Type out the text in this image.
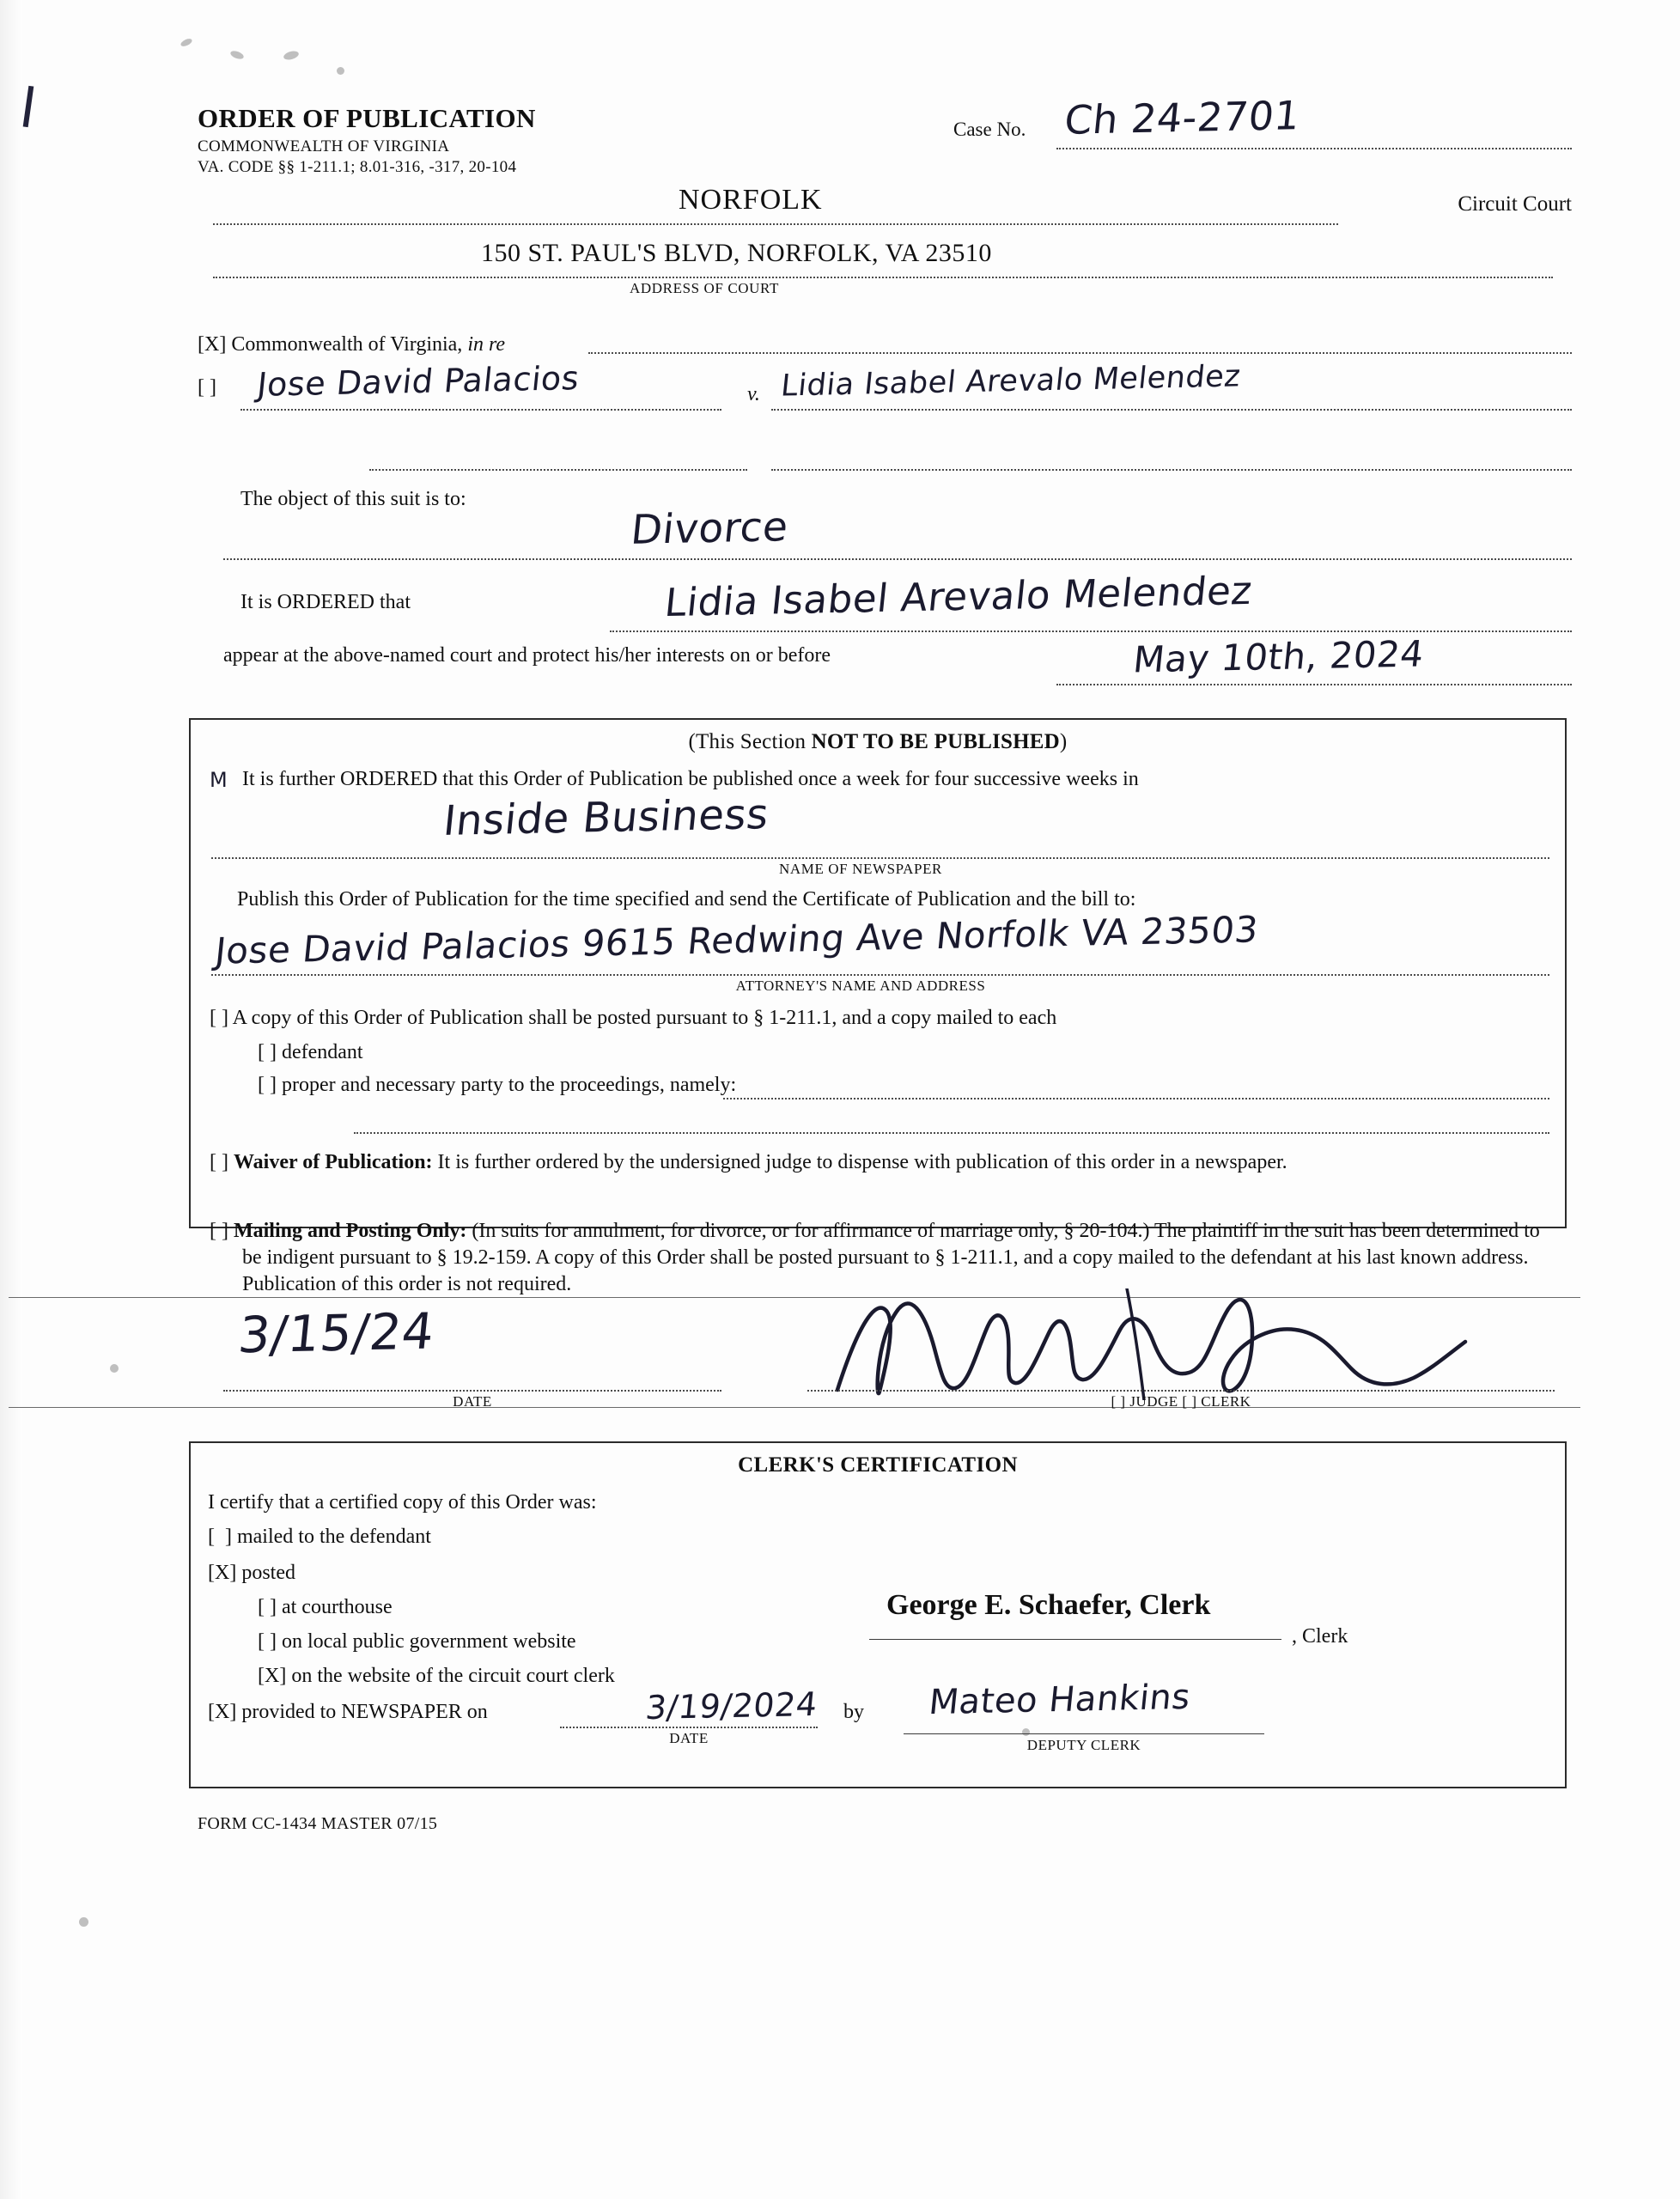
ORDER OF PUBLICATION
COMMONWEALTH OF VIRGINIA
VA. CODE §§ 1-211.1; 8.01-316, -317, 20-104
Case No. Ch 24-2701
NORFOLK	Circuit Court
150 ST. PAUL'S BLVD, NORFOLK, VA 23510
ADDRESS OF COURT
[X] Commonwealth of Virginia, in re
[ ] Jose David Palacios	v. Lidia Isabel Arevalo Melendez
The object of this suit is to:
Divorce
It is ORDERED that	Lidia Isabel Arevalo Melendez
appear at the above-named court and protect his/her interests on or before	May 10th, 2024
(This Section NOT TO BE PUBLISHED)
M It is further ORDERED that this Order of Publication be published once a week for four successive weeks in
Inside Business
NAME OF NEWSPAPER
Publish this Order of Publication for the time specified and send the Certificate of Publication and the bill to:
Jose David Palacios 9615 Redwing Ave Norfolk VA 23503
ATTORNEY'S NAME AND ADDRESS
[ ] A copy of this Order of Publication shall be posted pursuant to § 1-211.1, and a copy mailed to each
[ ] defendant
[ ] proper and necessary party to the proceedings, namely:
[ ] Waiver of Publication: It is further ordered by the undersigned judge to dispense with publication of this order in a newspaper.
[ ] Mailing and Posting Only: (In suits for annulment, for divorce, or for affirmance of marriage only, § 20-104.) The plaintiff in the suit has been determined to be indigent pursuant to § 19.2-159. A copy of this Order shall be posted pursuant to § 1-211.1, and a copy mailed to the defendant at his last known address. Publication of this order is not required.
3/15/24
DATE	[ ] JUDGE [ ] CLERK
CLERK'S CERTIFICATION
I certify that a certified copy of this Order was:
[  ] mailed to the defendant
[X] posted
[ ] at courthouse
[ ] on local public government website
[X] on the website of the circuit court clerk
[X] provided to NEWSPAPER on	3/19/2024
DATE
by
George E. Schaefer, Clerk
, Clerk
Mateo Hankins
DEPUTY CLERK
FORM CC-1434 MASTER 07/15
